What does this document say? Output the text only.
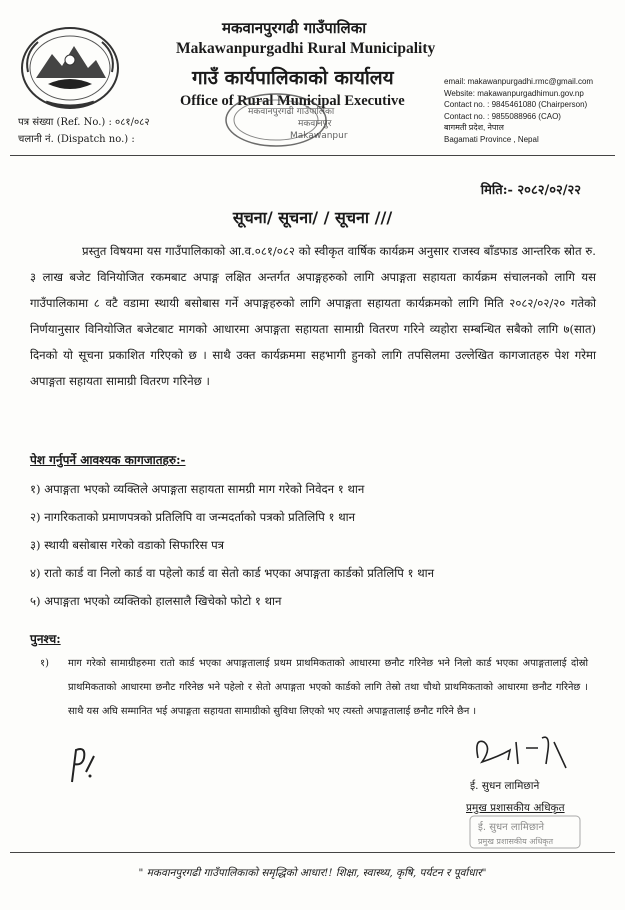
मकवानपुरगढी गाउँपालिका
Makawanpurgadhi Rural Municipality
गाउँ कार्यपालिकाको कार्यालय
Office of Rural Municipal Executive
मकवानपुरगढी गाउँपालिका
मकवानपुर
Makawanpur
पत्र संख्या (Ref. No.) : ०८१/०८२
चलानी नं. (Dispatch no.) :
email: makawanpurgadhi.rmc@gmail.com
Website: makawanpurgadhimun.gov.np
Contact no. : 9845461080 (Chairperson)
Contact no. : 9855088966 (CAO)
बागमती प्रदेश, नेपाल
Bagamati Province , Nepal
मिति:- २०८२/०२/२२
सूचना/ सूचना/ / सूचना ///
प्रस्तुत विषयमा यस गाउँपालिकाको आ.व.०८१/०८२ को स्वीकृत वार्षिक कार्यक्रम अनुसार राजस्व बाँडफाड आन्तरिक स्रोत रु. ३ लाख बजेट विनियोजित रकमबाट अपाङ्ग लक्षित अन्तर्गत अपाङ्गहरुको लागि अपाङ्गता सहायता कार्यक्रम संचालनको लागि यस गाउँपालिकामा ८ वटै वडामा स्थायी बसोबास गर्ने अपाङ्गहरुको लागि अपाङ्गता सहायता कार्यक्रमको लागि मिति २०८२/०२/२० गतेको निर्णयानुसार विनियोजित बजेटबाट मागको आधारमा अपाङ्गता सहायता सामाग्री वितरण गरिने व्यहोरा सम्बन्धित सबैको लागि ७(सात) दिनको यो सूचना प्रकाशित गरिएको छ । साथै उक्त कार्यक्रममा सहभागी हुनको लागि तपसिलमा उल्लेखित कागजातहरु पेश गरेमा अपाङ्गता सहायता सामाग्री वितरण गरिनेछ ।
पेश गर्नुपर्ने आवश्यक कागजातहरु:-
१) अपाङ्गता भएको व्यक्तिले अपाङ्गता सहायता सामग्री माग गरेको निवेदन १ थान
२) नागरिकताको प्रमाणपत्रको प्रतिलिपि वा जन्मदर्ताको पत्रको प्रतिलिपि १ थान
३) स्थायी बसोबास गरेको वडाको सिफारिस पत्र
४) रातो कार्ड वा निलो कार्ड वा पहेलो कार्ड वा सेतो कार्ड भएका अपाङ्गता कार्डको प्रतिलिपि १ थान
५) अपाङ्गता भएको व्यक्तिको हालसालै खिचेको फोटो १ थान
पुनश्च:
१)	माग गरेको सामाग्रीहरुमा रातो कार्ड भएका अपाङ्गतालाई प्रथम प्राथमिकताको आधारमा छनौट गरिनेछ भने निलो कार्ड भएका अपाङ्गतालाई दोस्रो प्राथमिकताको आधारमा छनौट गरिनेछ भने पहेलो र सेतो अपाङ्गता भएको कार्डको लागि तेस्रो तथा चौथो प्राथमिकताको आधारमा छनौट गरिनेछ । साथै यस अघि सम्मानित भई अपाङ्गता सहायता सामाग्रीको सुविधा लिएको भए त्यस्तो अपाङ्गतालाई छनौट गरिने छैन ।
ई. सुधन लामिछाने
प्रमुख प्रशासकीय अधिकृत
ई. सुधन लामिछाने
प्रमुख प्रशासकीय अधिकृत
" मकवानपुरगढी गाउँपालिकाको समृद्धिको आधार!! शिक्षा, स्वास्थ्य, कृषि, पर्यटन र पूर्वाधार"
